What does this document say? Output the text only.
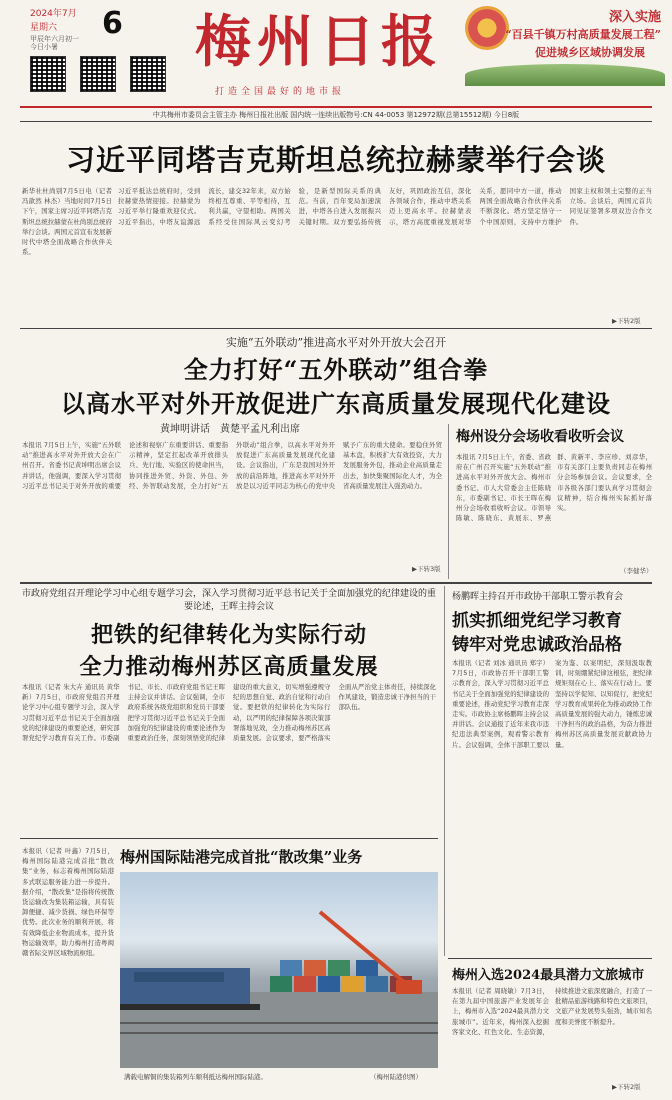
2024年7月
星期六 6
甲辰年六月初一
今日小暑 梅州日报
打造全国最好的地市报
深入实施
“百县千镇万村高质量发展工程”
促进城乡区域协调发展
中共梅州市委员会主管主办 梅州日报社出版 国内统一连续出版物号:CN 44-0053 第12972期(总第15512期) 今日8版
习近平同塔吉克斯坦总统拉赫蒙举行会谈
新华社杜尚别7月5日电（记者 冯歆然 林杰）当地时间7月5日下午，国家主席习近平同塔吉克斯坦总统拉赫蒙在杜尚别总统府举行会谈。两国元首宣布发展新时代中塔全面战略合作伙伴关系。
习近平抵达总统府时，受到拉赫蒙热情迎接。拉赫蒙为习近平举行隆重欢迎仪式。习近平指出，中塔友谊源远流长，建交32年来，双方始终相互尊重、平等相待，互利共赢，守望相助。两国关系经受住国际风云变幻考验，是新型国际关系的典范。当前，百年变局加速演进，中塔各自进入发展振兴关键时期。双方要弘扬传统友好，巩固政治互信，深化各领域合作，推动中塔关系迈上更高水平。拉赫蒙表示，塔方高度重视发展对华关系，愿同中方一道，推动两国全面战略合作伙伴关系不断深化。塔方坚定恪守一个中国原则，支持中方维护国家主权和领土完整的正当立场。会谈后，两国元首共同见证签署多项双边合作文件。
▶下转2版
实施“五外联动”推进高水平对外开放大会召开
全力打好“五外联动”组合拳
以高水平对外开放促进广东高质量发展现代化建设
黄坤明讲话　黄楚平孟凡利出席
本报讯 7月5日上午，实施“五外联动”推进高水平对外开放大会在广州召开。省委书记黄坤明出席会议并讲话，他强调，要深入学习贯彻习近平总书记关于对外开放的重要论述和视察广东重要讲话、重要指示精神，坚定扛起改革开放排头兵、先行地、实验区的使命担当，协同推进外贸、外资、外包、外经、外智联动发展，全力打好“五外联动”组合拳，以高水平对外开放促进广东高质量发展现代化建设。会议指出，广东是我国对外开放的前沿阵地，推进高水平对外开放是以习近平同志为核心的党中央赋予广东的重大使命。要稳住外贸基本盘，积极扩大有效投资，大力发展服务外包，推动企业高质量走出去，加快集聚国际化人才，为全省高质量发展注入强劲动力。
▶下转3版
梅州设分会场收看收听会议
本报讯 7月5日上午，省委、省政府在广州召开实施“五外联动”推进高水平对外开放大会。梅州市委书记、市人大常委会主任陈晓东，市委副书记、市长王晖在梅州分会场收看收听会议。市领导陈敏、陈晓东、黄展东、罗燕群、黄新平、李应珍、刘彦华，市有关部门主要负责同志在梅州分会场参加会议。会议要求，全市各级各部门要认真学习贯彻会议精神，结合梅州实际抓好落实。
（李健华）
市政府党组召开理论学习中心组专题学习会，深入学习贯彻习近平总书记关于全面加强党的纪律建设的重要论述，王晖主持会议
把铁的纪律转化为实际行动
全力推动梅州苏区高质量发展
本报讯（记者 朱大卉 通讯员 黄华新）7月5日，市政府党组召开理论学习中心组专题学习会，深入学习贯彻习近平总书记关于全面加强党的纪律建设的重要论述，研究部署党纪学习教育有关工作。市委副书记、市长、市政府党组书记王晖主持会议并讲话。会议强调，全市政府系统各级党组织和党员干部要把学习贯彻习近平总书记关于全面加强党的纪律建设的重要论述作为重要政治任务，深刻领悟党的纪律建设的重大意义，切实增强遵规守纪的思想自觉、政治自觉和行动自觉。要把铁的纪律转化为实际行动，以严明的纪律保障各项决策部署落地见效，全力推动梅州苏区高质量发展。会议要求，要严格落实全面从严治党主体责任，持续深化作风建设，锻造忠诚干净担当的干部队伍。
杨鹏晖主持召开市政协干部职工警示教育会
抓实抓细党纪学习教育
铸牢对党忠诚政治品格
本报讯（记者 刘冰 通讯员 郑宇）7月5日，市政协召开干部职工警示教育会，深入学习贯彻习近平总书记关于全面加强党的纪律建设的重要论述，推动党纪学习教育走深走实。市政协主席杨鹏晖主持会议并讲话。会议通报了近年来我市违纪违法典型案例，观看警示教育片。会议强调，全体干部职工要以案为鉴、以案明纪，深刻汲取教训，时刻绷紧纪律这根弦，把纪律规矩刻在心上、落实在行动上。要坚持以学促知、以知促行，把党纪学习教育成果转化为推动政协工作高质量发展的强大动力，锤炼忠诚干净担当的政治品格，为奋力推进梅州苏区高质量发展贡献政协力量。
梅州国际陆港完成首批“散改集”业务
本报讯（记者 叶鑫）7月5日，梅州国际陆港完成首批“散改集”业务，标志着梅州国际陆港多式联运服务能力进一步提升。据介绍，“散改集”是指将传统散货运输改为集装箱运输，具有装卸便捷、减少货损、绿色环保等优势。此次业务的顺利开展，将有效降低企业物流成本，提升货物运输效率，助力梅州打造粤闽赣省际交界区域物流枢纽。
满载电解铜的集装箱列车顺利抵达梅州国际陆港。	（梅州陆港供图）
梅州入选2024最具潜力文旅城市
本报讯（记者 周晓敏）7月3日，在第九届中国旅游产业发展年会上，梅州市入选“2024最具潜力文旅城市”。近年来，梅州深入挖掘客家文化、红色文化、生态资源，持续推进文旅深度融合，打造了一批精品旅游线路和特色文旅项目，文旅产业发展势头强劲，城市知名度和美誉度不断提升。
▶下转2版
